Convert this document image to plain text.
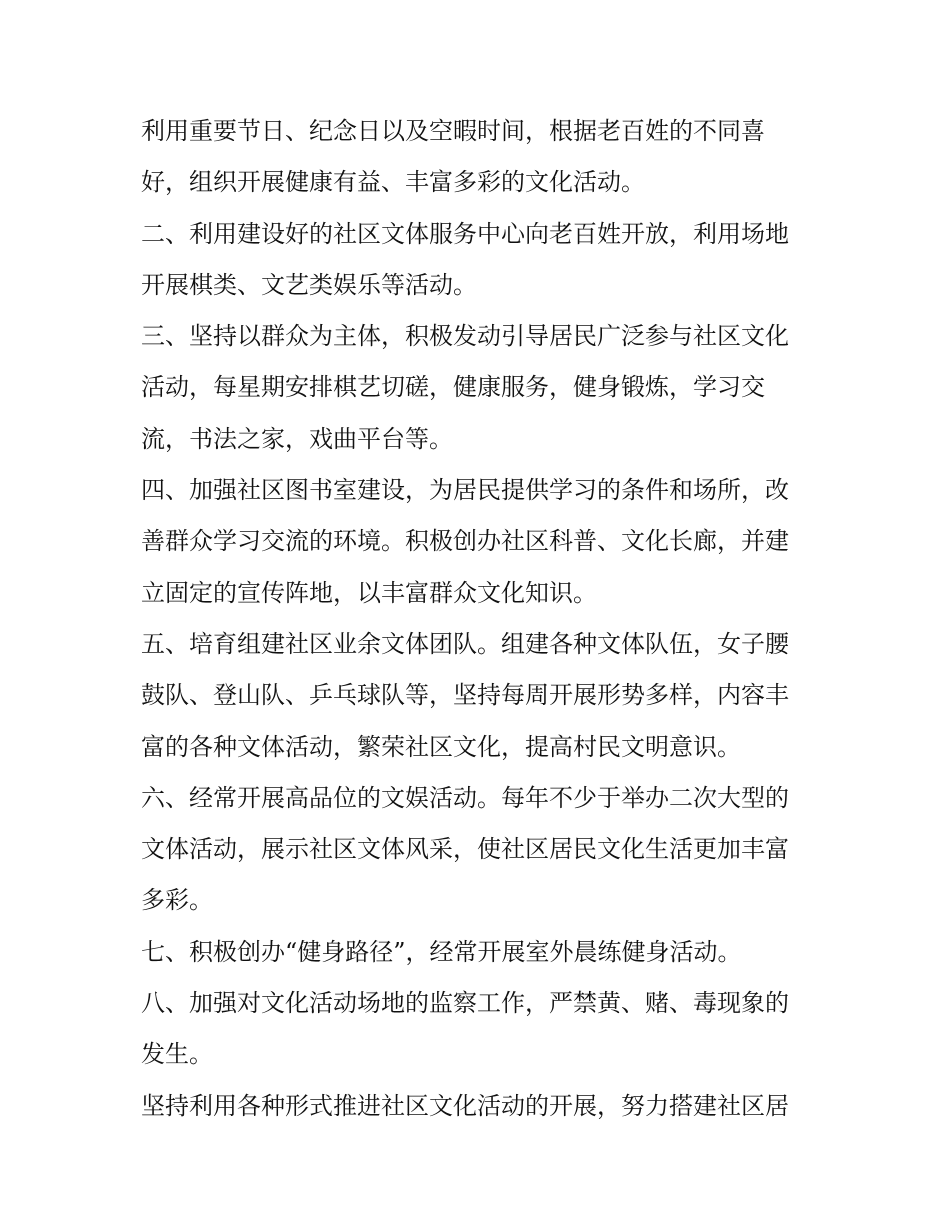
利用重要节日、纪念日以及空暇时间，根据老百姓的不同喜
好，组织开展健康有益、丰富多彩的文化活动。
二、利用建设好的社区文体服务中心向老百姓开放，利用场地
开展棋类、文艺类娱乐等活动。
三、坚持以群众为主体，积极发动引导居民广泛参与社区文化
活动，每星期安排棋艺切磋，健康服务，健身锻炼，学习交
流，书法之家，戏曲平台等。
四、加强社区图书室建设，为居民提供学习的条件和场所，改
善群众学习交流的环境。积极创办社区科普、文化长廊，并建
立固定的宣传阵地，以丰富群众文化知识。
五、培育组建社区业余文体团队。组建各种文体队伍，女子腰
鼓队、登山队、乒乓球队等，坚持每周开展形势多样，内容丰
富的各种文体活动，繁荣社区文化，提高村民文明意识。
六、经常开展高品位的文娱活动。每年不少于举办二次大型的
文体活动，展示社区文体风采，使社区居民文化生活更加丰富
多彩。
七、积极创办“健身路径”，经常开展室外晨练健身活动。
八、加强对文化活动场地的监察工作，严禁黄、赌、毒现象的
发生。
坚持利用各种形式推进社区文化活动的开展，努力搭建社区居
